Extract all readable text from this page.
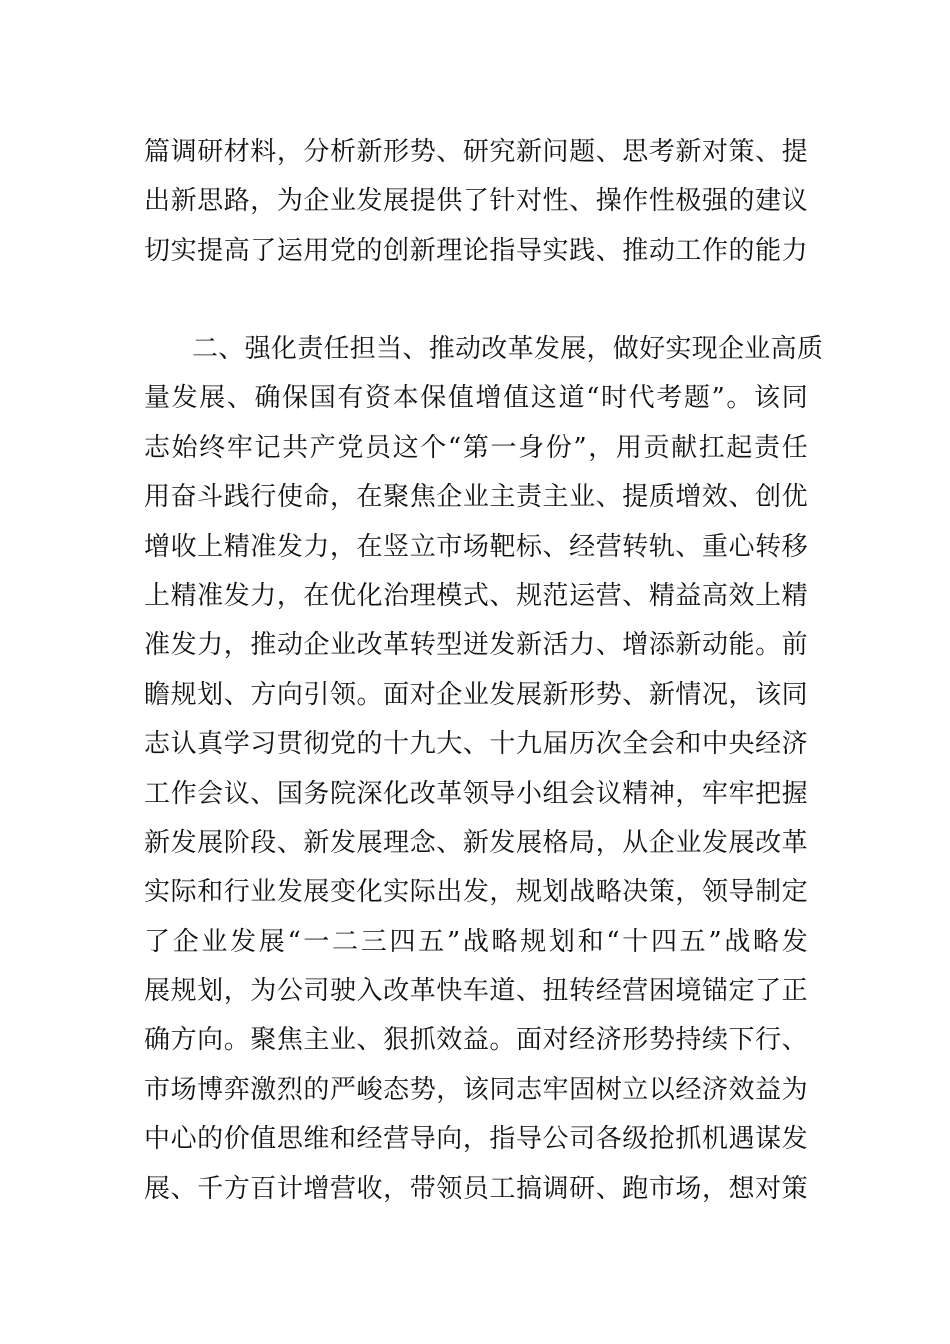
篇调研材料，分析新形势、研究新问题、思考新对策、提
出新思路，为企业发展提供了针对性、操作性极强的建议
切实提高了运用党的创新理论指导实践、推动工作的能力
二、强化责任担当、推动改革发展，做好实现企业高质
量发展、确保国有资本保值增值这道“时代考题”。该同
志始终牢记共产党员这个“第一身份”，用贡献扛起责任
用奋斗践行使命，在聚焦企业主责主业、提质增效、创优
增收上精准发力，在竖立市场靶标、经营转轨、重心转移
上精准发力，在优化治理模式、规范运营、精益高效上精
准发力，推动企业改革转型迸发新活力、增添新动能。前
瞻规划、方向引领。面对企业发展新形势、新情况，该同
志认真学习贯彻党的十九大、十九届历次全会和中央经济
工作会议、国务院深化改革领导小组会议精神，牢牢把握
新发展阶段、新发展理念、新发展格局，从企业发展改革
实际和行业发展变化实际出发，规划战略决策，领导制定
了企业发展“一二三四五”战略规划和“十四五”战略发
展规划，为公司驶入改革快车道、扭转经营困境锚定了正
确方向。聚焦主业、狠抓效益。面对经济形势持续下行、
市场博弈激烈的严峻态势，该同志牢固树立以经济效益为
中心的价值思维和经营导向，指导公司各级抢抓机遇谋发
展、千方百计增营收，带领员工搞调研、跑市场，想对策
